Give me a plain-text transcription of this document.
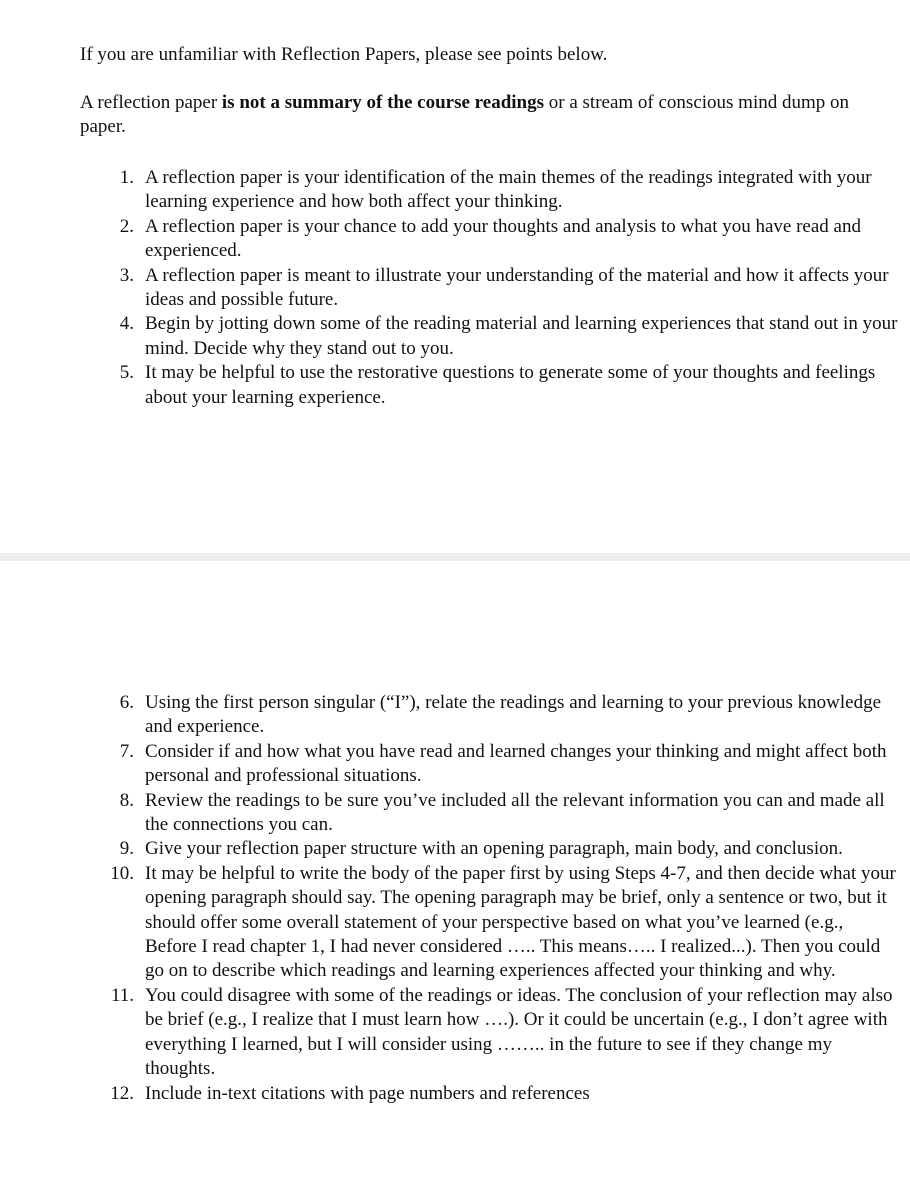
If you are unfamiliar with Reflection Papers, please see points below.

A reflection paper is not a summary of the course readings or a stream of conscious mind dump on paper.

1. A reflection paper is your identification of the main themes of the readings integrated with your learning experience and how both affect your thinking.
2. A reflection paper is your chance to add your thoughts and analysis to what you have read and experienced.
3. A reflection paper is meant to illustrate your understanding of the material and how it affects your ideas and possible future.
4. Begin by jotting down some of the reading material and learning experiences that stand out in your mind. Decide why they stand out to you.
5. It may be helpful to use the restorative questions to generate some of your thoughts and feelings about your learning experience.
6. Using the first person singular (“I”), relate the readings and learning to your previous knowledge and experience.
7. Consider if and how what you have read and learned changes your thinking and might affect both personal and professional situations.
8. Review the readings to be sure you’ve included all the relevant information you can and made all the connections you can.
9. Give your reflection paper structure with an opening paragraph, main body, and conclusion.
10. It may be helpful to write the body of the paper first by using Steps 4-7, and then decide what your opening paragraph should say. The opening paragraph may be brief, only a sentence or two, but it should offer some overall statement of your perspective based on what you’ve learned (e.g., Before I read chapter 1, I had never considered ….. This means….. I realized...). Then you could go on to describe which readings and learning experiences affected your thinking and why.
11. You could disagree with some of the readings or ideas. The conclusion of your reflection may also be brief (e.g., I realize that I must learn how ….). Or it could be uncertain (e.g., I don’t agree with everything I learned, but I will consider using …….. in the future to see if they change my thoughts.
12. Include in-text citations with page numbers and references
